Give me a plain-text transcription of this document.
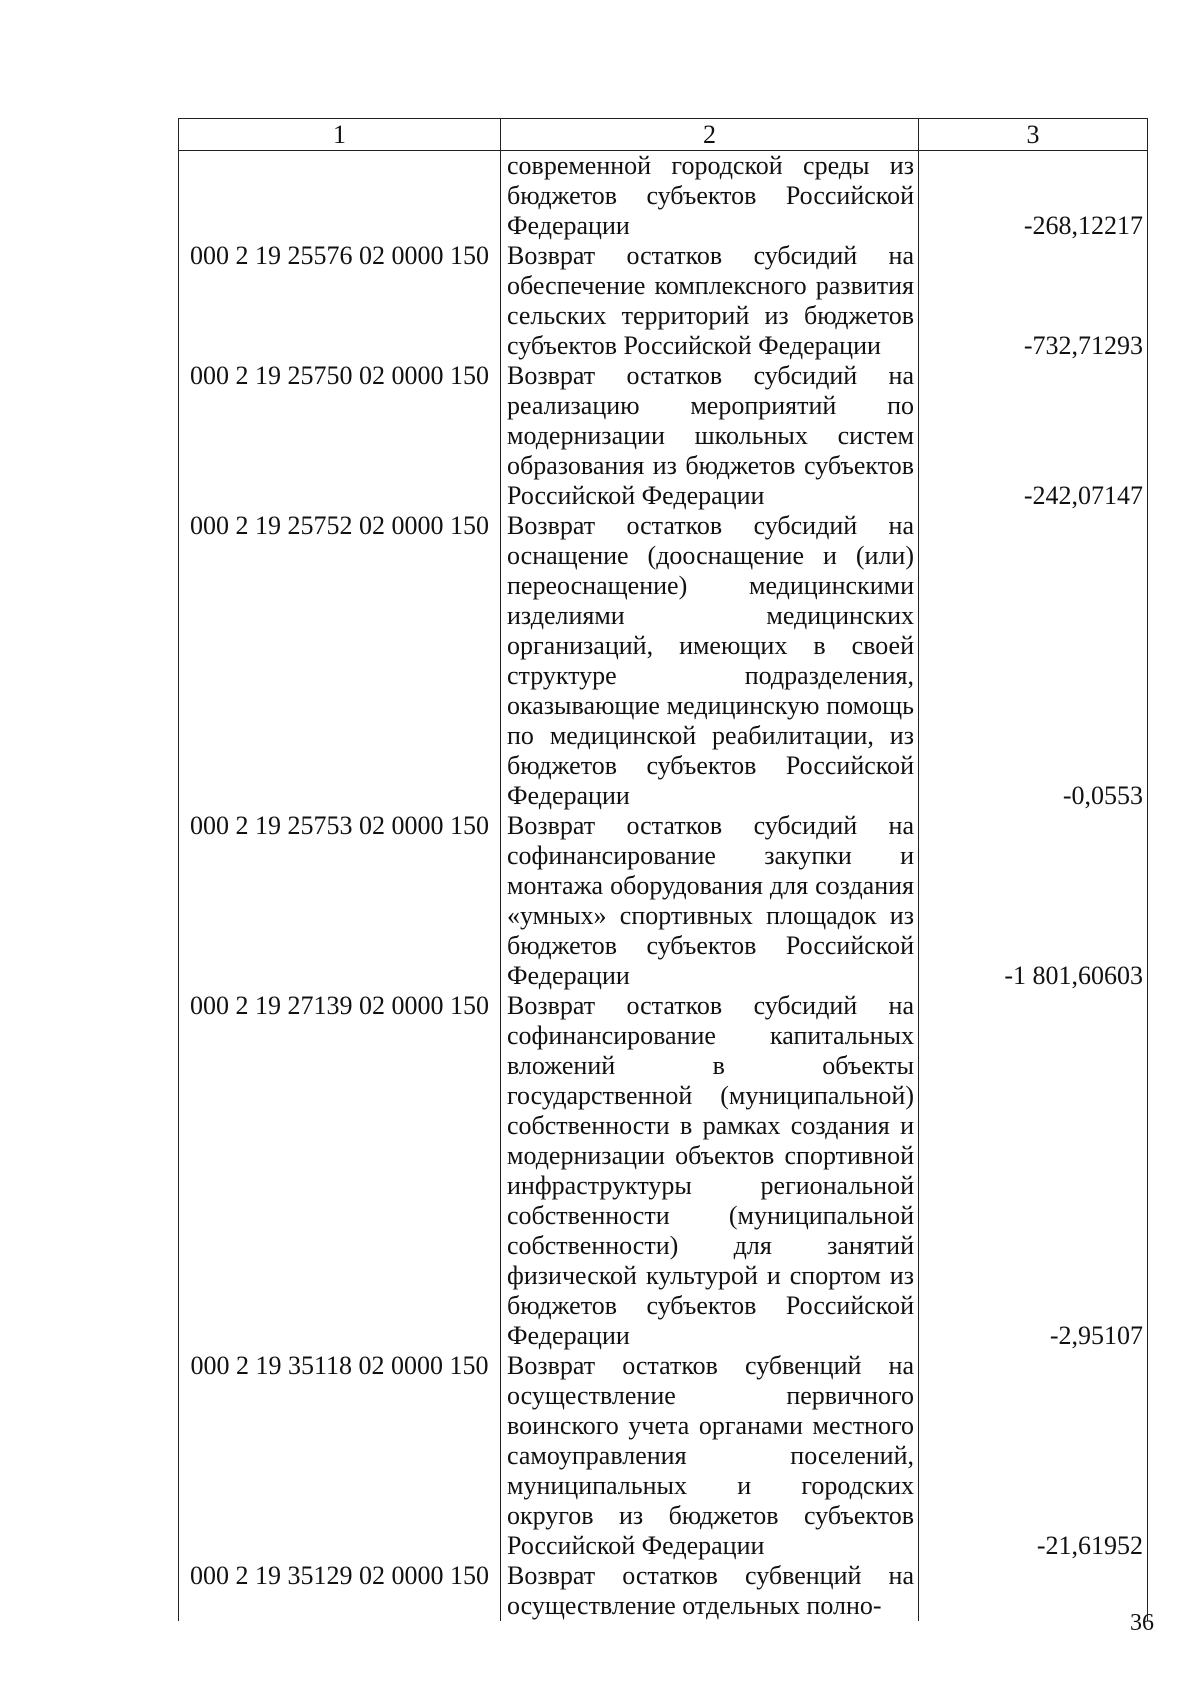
1	2	3
	современной городской среды из бюджетов субъектов Российской Федерации	-268,12217
000 2 19 25576 02 0000 150	Возврат остатков субсидий на обеспечение комплексного развития сельских территорий из бюджетов субъектов Российской Федерации	-732,71293
000 2 19 25750 02 0000 150	Возврат остатков субсидий на реализацию мероприятий по модернизации школьных систем образования из бюджетов субъектов Российской Федерации	-242,07147
000 2 19 25752 02 0000 150	Возврат остатков субсидий на оснащение (дооснащение и (или) переоснащение) медицинскими изделиями медицинских организаций, имеющих в своей структуре подразделения, оказывающие медицинскую помощь по медицинской реабилитации, из бюджетов субъектов Российской Федерации	-0,0553
000 2 19 25753 02 0000 150	Возврат остатков субсидий на софинансирование закупки и монтажа оборудования для создания «умных» спортивных площадок из бюджетов субъектов Российской Федерации	-1 801,60603
000 2 19 27139 02 0000 150	Возврат остатков субсидий на софинансирование капитальных вложений в объекты государственной (муниципальной) собственности в рамках создания и модернизации объектов спортивной инфраструктуры региональной собственности (муниципальной собственности) для занятий физической культурой и спортом из бюджетов субъектов Российской Федерации	-2,95107
000 2 19 35118 02 0000 150	Возврат остатков субвенций на осуществление первичного воинского учета органами местного самоуправления поселений, муниципальных и городских округов из бюджетов субъектов Российской Федерации	-21,61952
000 2 19 35129 02 0000 150	Возврат остатков субвенций на осуществление отдельных полно-	
36
